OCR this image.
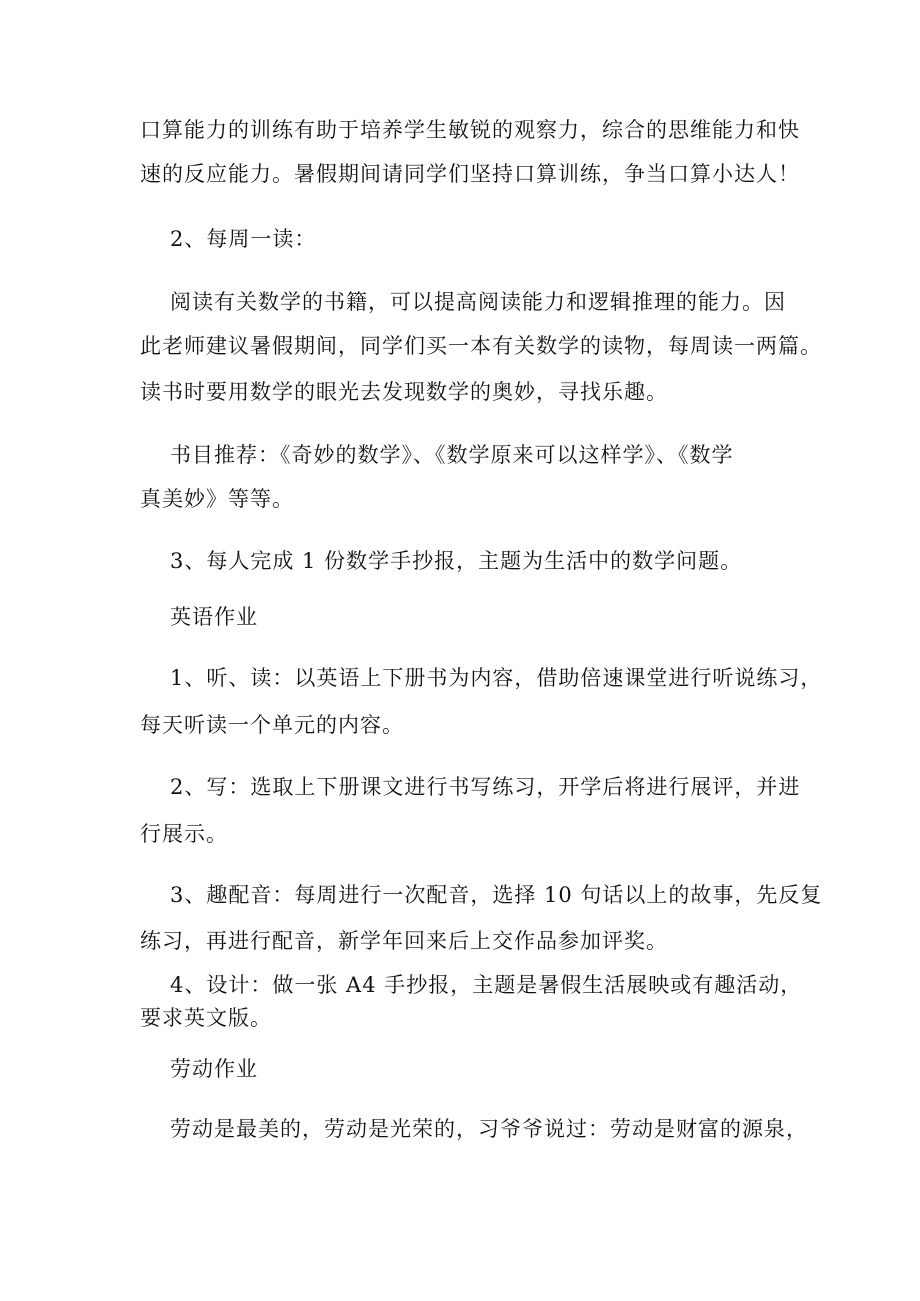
口算能力的训练有助于培养学生敏锐的观察力，综合的思维能力和快
速的反应能力。暑假期间请同学们坚持口算训练，争当口算小达人！
2、每周一读：
阅读有关数学的书籍，可以提高阅读能力和逻辑推理的能力。因
此老师建议暑假期间，同学们买一本有关数学的读物，每周读一两篇。
读书时要用数学的眼光去发现数学的奥妙，寻找乐趣。
书目推荐：《奇妙的数学》、《数学原来可以这样学》、《数学
真美妙》等等。
3、每人完成 1 份数学手抄报，主题为生活中的数学问题。
英语作业
1、听、读：以英语上下册书为内容，借助倍速课堂进行听说练习，
每天听读一个单元的内容。
2、写：选取上下册课文进行书写练习，开学后将进行展评，并进
行展示。
3、趣配音：每周进行一次配音，选择 10 句话以上的故事，先反复
练习，再进行配音，新学年回来后上交作品参加评奖。
4、设计：做一张 A4 手抄报，主题是暑假生活展映或有趣活动，
要求英文版。
劳动作业
劳动是最美的，劳动是光荣的，习爷爷说过：劳动是财富的源泉，
